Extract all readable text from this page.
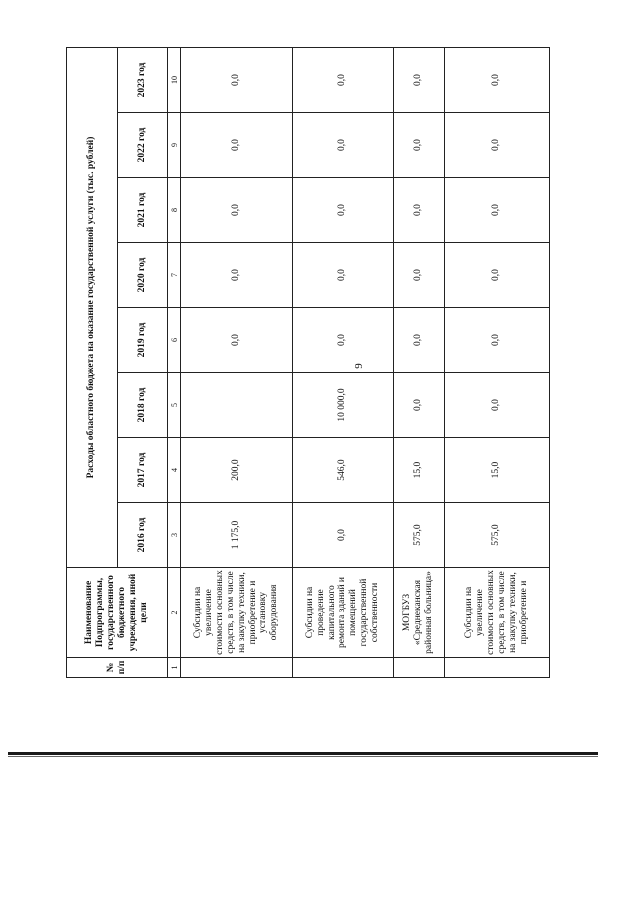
9
№ п/п	Наименование Подпрограммы, государственного бюджетного учреждения, иной цели	Расходы областного бюджета на оказание государственной услуги (тыс. рублей)							
		2016 год	2017 год	2018 год	2019 год	2020 год	2021 год	2022 год	2023 год
1	2	3	4	5	6	7	8	9	10
	Субсидии на увеличение стоимости основных средств, в том числе на закупку техники, приобретение и установку оборудования	1 175,0	200,0		0,0	0,0	0,0	0,0	0,0
	Субсидии на проведение капитального ремонта зданий и помещений государственной собственности	0,0	546,0	10 000,0	0,0	0,0	0,0	0,0	0,0
	МОГБУЗ «Среднеканская районная больница»	575,0	15,0	0,0	0,0	0,0	0,0	0,0	0,0
	Субсидии на увеличение стоимости основных средств, в том числе на закупку техники, приобретение и	575,0	15,0	0,0	0,0	0,0	0,0	0,0	0,0
